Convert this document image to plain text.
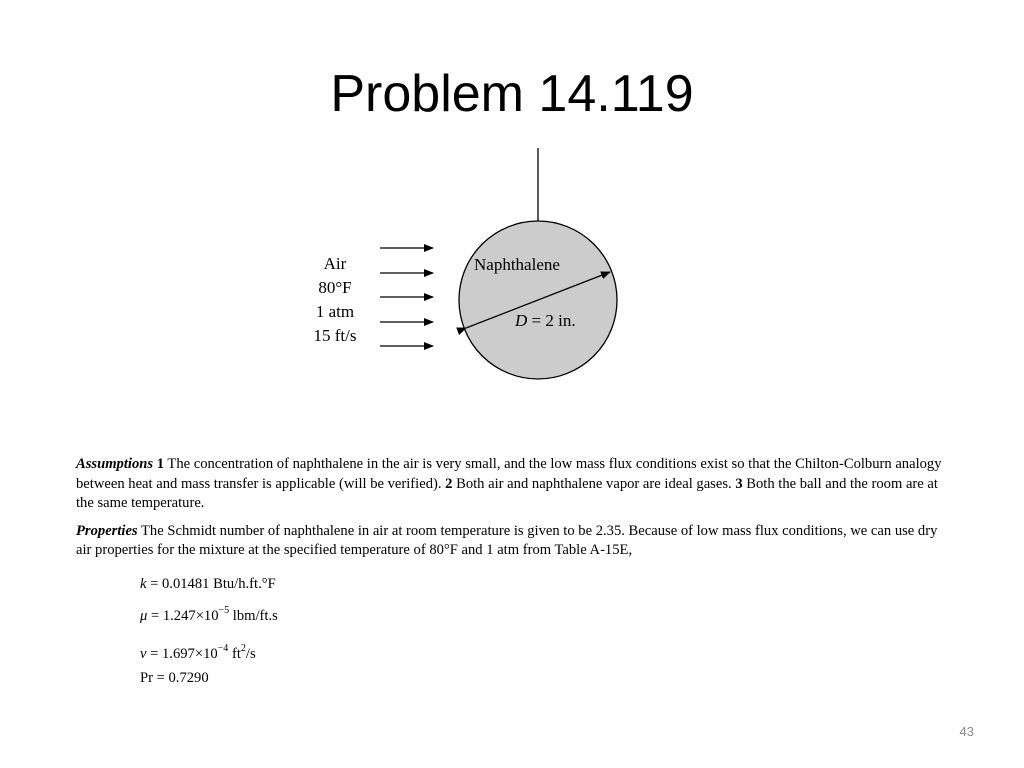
Problem 14.119
Air
80°F
1 atm
15 ft/s
Naphthalene
D = 2 in.

Assumptions 1 The concentration of naphthalene in the air is very small, and the low mass flux conditions exist so that the Chilton-Colburn analogy between heat and mass transfer is applicable (will be verified). 2 Both air and naphthalene vapor are ideal gases. 3 Both the ball and the room are at the same temperature.

Properties The Schmidt number of naphthalene in air at room temperature is given to be 2.35. Because of low mass flux conditions, we can use dry air properties for the mixture at the specified temperature of 80°F and 1 atm from Table A-15E,

k = 0.01481 Btu/h.ft.°F
$\mu = 1.247\times 10^{-5}$ lbm/ft.s
$\nu = 1.697\times 10^{-4}$ $ft^2/s$
Pr = 0.7290
43
